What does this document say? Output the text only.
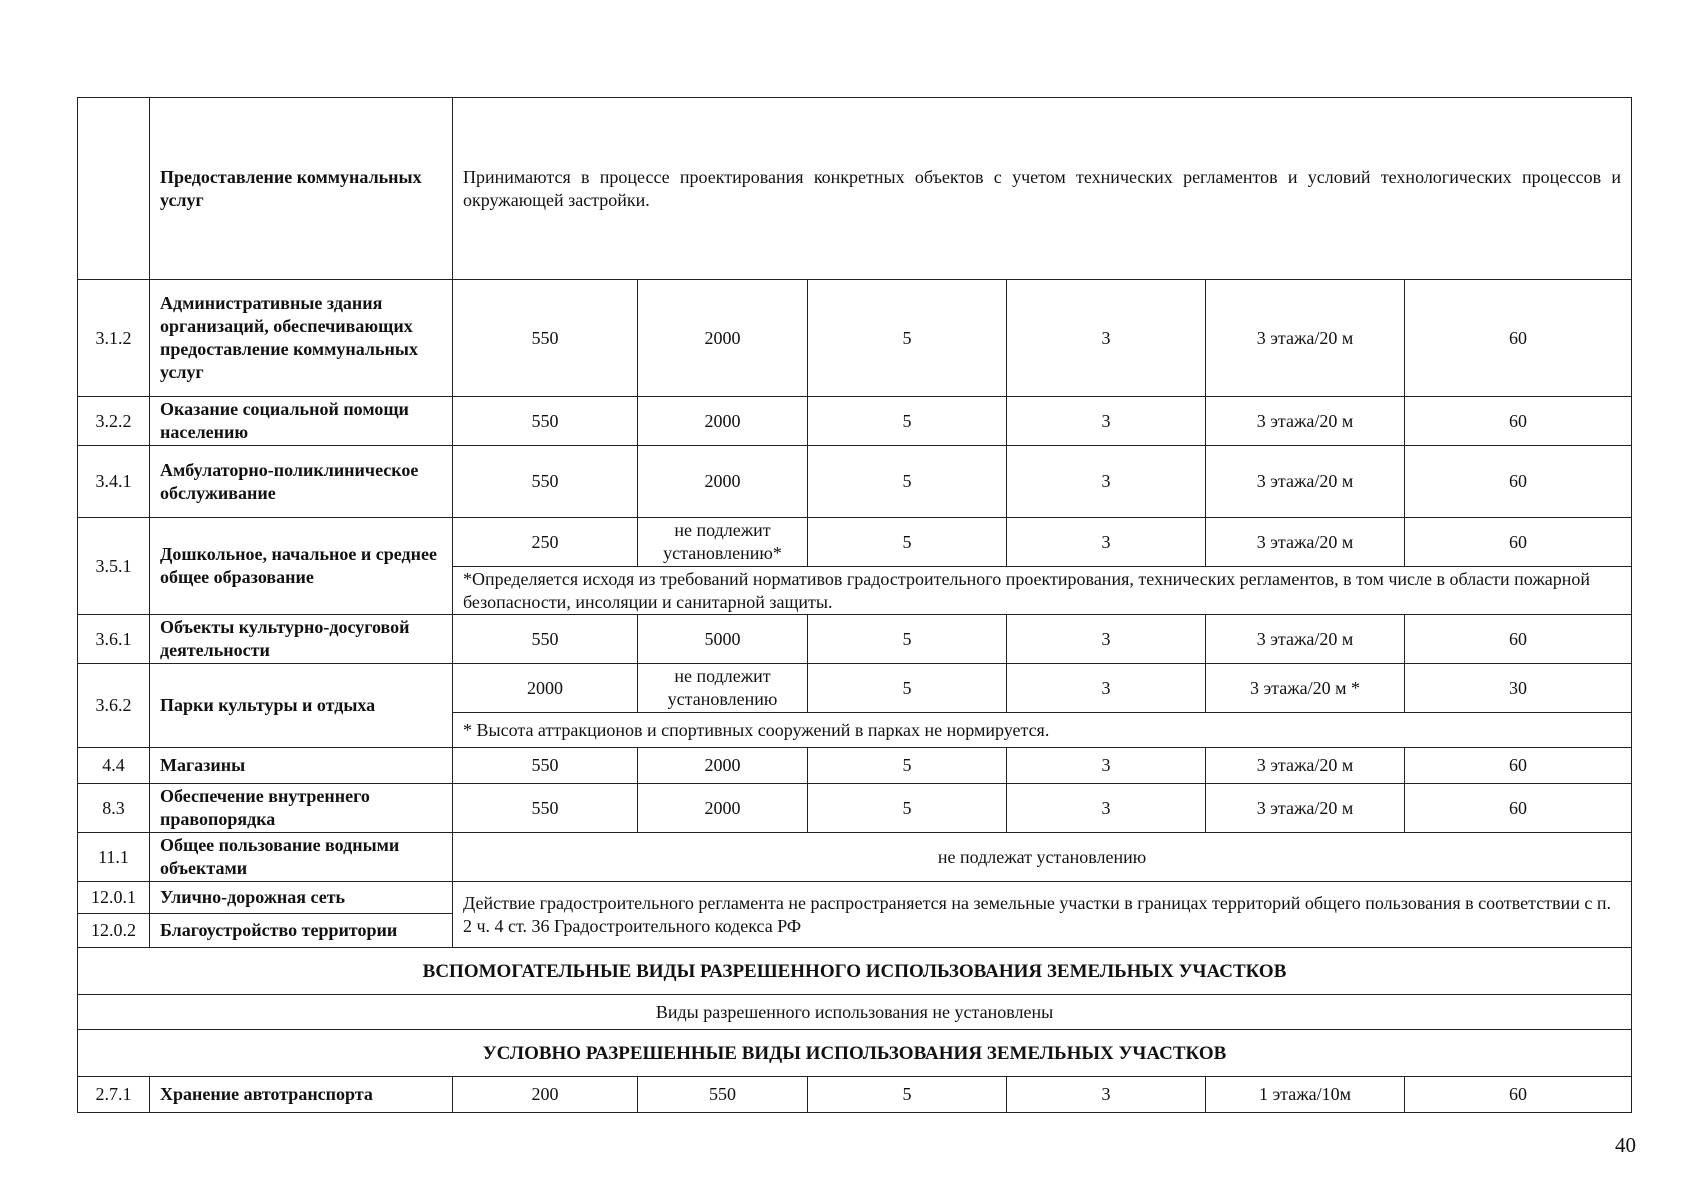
	Предоставление коммунальных услуг	Принимаются в процессе проектирования конкретных объектов с учетом технических регламентов и условий технологических процессов и окружающей застройки.					
3.1.2	Административные здания организаций, обеспечивающих предоставление коммунальных услуг	550	2000	5	3	3 этажа/20 м	60
3.2.2	Оказание социальной помощи населению	550	2000	5	3	3 этажа/20 м	60
3.4.1	Амбулаторно-поликлиническое обслуживание	550	2000	5	3	3 этажа/20 м	60
3.5.1	Дошкольное, начальное и среднее общее образование	250	не подлежит установлению*	5	3	3 этажа/20 м	60
		*Определяется исходя из требований нормативов градостроительного проектирования, технических регламентов, в том числе в области пожарной безопасности, инсоляции и санитарной защиты.					
3.6.1	Объекты культурно-досуговой деятельности	550	5000	5	3	3 этажа/20 м	60
3.6.2	Парки культуры и отдыха	2000	не подлежит установлению	5	3	3 этажа/20 м *	30
		* Высота аттракционов и спортивных сооружений в парках не нормируется.					
4.4	Магазины	550	2000	5	3	3 этажа/20 м	60
8.3	Обеспечение внутреннего правопорядка	550	2000	5	3	3 этажа/20 м	60
11.1	Общее пользование водными объектами	не подлежат установлению					
12.0.1	Улично-дорожная сеть	Действие градостроительного регламента не распространяется на земельные участки в границах территорий общего пользования в соответствии с п. 2 ч. 4 ст. 36 Градостроительного кодекса РФ					
12.0.2	Благоустройство территории						
ВСПОМОГАТЕЛЬНЫЕ ВИДЫ РАЗРЕШЕННОГО ИСПОЛЬЗОВАНИЯ ЗЕМЕЛЬНЫХ УЧАСТКОВ							
Виды разрешенного использования не установлены							
УСЛОВНО РАЗРЕШЕННЫЕ ВИДЫ ИСПОЛЬЗОВАНИЯ ЗЕМЕЛЬНЫХ УЧАСТКОВ							
2.7.1	Хранение автотранспорта	200	550	5	3	1 этажа/10м	60
40
